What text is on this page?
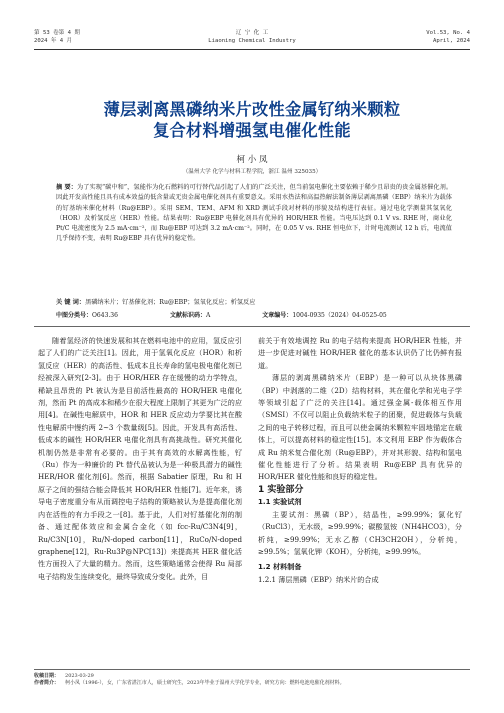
第 53 卷第 4 期
2024 年 4 月
辽 宁 化 工
Liaoning Chemical Industry
Vol.53, No. 4
April, 2024
薄层剥离黑磷纳米片改性金属钌纳米颗粒
复合材料增强氢电催化性能
柯 小 凤
（温州大学 化学与材料工程学院，浙江 温州 325035）
摘 要：为了实现“碳中和”，氢能作为化石燃料的可行替代品引起了人们的广泛关注，但当前氢电催化主要依赖于稀少且昂贵的贵金属基催化剂。因此开发高性能且具有成本效益的低含量或无贵金属电催化剂具有重要意义。采用水热法和高温热解法制备薄层剥离黑磷（EBP）纳米片为载体的钌基纳米催化材料（Ru@EBP）。采用 SEM、TEM、AFM 和 XRD 测试手段对材料的形貌及结构进行表征。通过电化学测量其氢氧化（HOR）及析氢反应（HER）性能。结果表明：Ru@EBP 电催化剂具有优异的 HOR/HER 性能。当电压达到 0.1 V vs. RHE 时，商业化 Pt/C 电流密度为 2.5 mA·cm⁻²，而 Ru@EBP 可达到 3.2 mA·cm⁻²。同时，在 0.05 V vs. RHE 恒电位下，计时电流测试 12 h 后，电流值几乎保持不变，表明 Ru@EBP 具有优异的稳定性。
关 键 词：黑磷纳米片；钌基催化剂；Ru@EBP；氢氧化反应；析氢反应
中图分类号：O643.36	文献标识码：A	文章编号：1004-0935（2024）04-0525-05

随着氢经济的快速发展和其在燃料电池中的应用，氢反应引起了人们的广泛关注[1]。因此，用于氢氧化反应（HOR）和析氢反应（HER）的高活性、低成本且长寿命的氢电极电催化剂已经被深入研究[2-3]。由于 HOR/HER 存在缓慢的动力学特点，稀缺且昂贵的 Pt 被认为是目前活性最高的 HOR/HER 电催化剂，然而 Pt 的高成本和稀少在很大程度上限制了其更为广泛的应用[4]。在碱性电解质中，HOR 和 HER 反应动力学要比其在酸性电解质中慢约两 2~3 个数量级[5]。因此，开发具有高活性、低成本的碱性 HOR/HER 电催化剂具有高挑战性。研究其催化机制仍然是非常有必要的。由于其有高效的水解离性能，钌（Ru）作为一种廉价的 Pt 替代品被认为是一种极具潜力的碱性 HER/HOR 催化剂[6]。然而，根据 Sabatier 原理，Ru 和 H 原子之间的强结合能会降低其 HOR/HER 性能[7]。近年来，诱导电子密度重分布从而调控电子结构的策略被认为是提高催化剂内在活性的有力手段之一[8]。基于此，人们对钌基催化剂的制备、通过配体效应和金属合金化（如 fcc-Ru/C3N4[9]，Ru/C3N[10]，Ru/N-doped carbon[11]，RuCo/N-doped graphene[12]，Ru-Ru3P@NPC[13]）来提高其 HER 催化活性方面投入了大量的精力。然而，这些策略通常会使得 Ru 局部电子结构发生连续变化，最终导致成分变化。此外，目

前关于有效地调控 Ru 的电子结构来提高 HOR/HER 性能，并进一步促进对碱性 HOR/HER 催化的基本认识仍了比仍鲜有报道。

薄层的剥离黑磷纳米片（EBP）是一种可以从块体黑磷（BP）中剥落的二维（2D）结构材料，其在催化学和光电子学等领域引起了广泛的关注[14]。通过强金属-载体相互作用（SMSI）不仅可以阻止负载纳米粒子的团聚，促进载体与负载之间的电子转移过程，而且可以使金属纳米颗粒牢固地锚定在载体上，可以提高材料的稳定性[15]。本文利用 EBP 作为载体合成 Ru 纳米复合催化剂（Ru@EBP），并对其形貌、结构和氢电催化性能进行了分析。结果表明 Ru@EBP 具有优异的 HOR/HER 催化性能和良好的稳定性。

1 实验部分

1.1 实验试剂

主要试剂：黑磷（BP），结晶性，≥99.99%；氯化钌（RuCl3），无水级，≥99.99%；碳酸氢铵（NH4HCO3），分析纯，≥99.99%；无水乙醇（CH3CH2OH），分析纯，≥99.5%；氢氧化钾（KOH），分析纯，≥99.99%。

1.2 材料制备

1.2.1 薄层黑磷（EBP）纳米片的合成

收稿日期： 2023-03-29
作者简介： 柯小凤（1996-），女，广东省湛江市人，硕士研究生，2023年毕业于温州大学化学专业，研究方向：燃料电池电催化剂材料。
